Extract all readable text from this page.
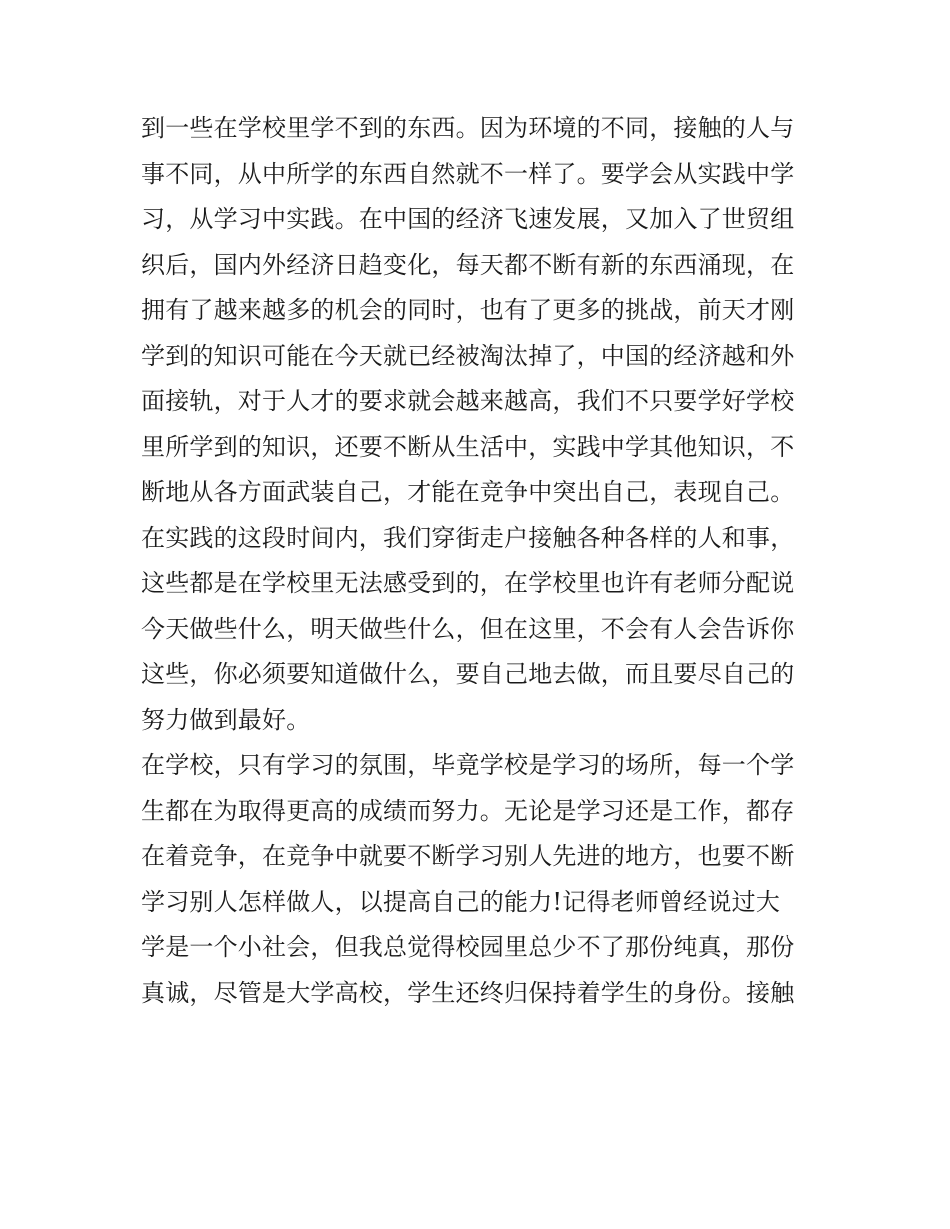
到一些在学校里学不到的东西。因为环境的不同，接触的人与
事不同，从中所学的东西自然就不一样了。要学会从实践中学
习，从学习中实践。在中国的经济飞速发展，又加入了世贸组
织后，国内外经济日趋变化，每天都不断有新的东西涌现，在
拥有了越来越多的机会的同时，也有了更多的挑战，前天才刚
学到的知识可能在今天就已经被淘汰掉了，中国的经济越和外
面接轨，对于人才的要求就会越来越高，我们不只要学好学校
里所学到的知识，还要不断从生活中，实践中学其他知识，不
断地从各方面武装自己，才能在竞争中突出自己，表现自己。
在实践的这段时间内，我们穿街走户接触各种各样的人和事，
这些都是在学校里无法感受到的，在学校里也许有老师分配说
今天做些什么，明天做些什么，但在这里，不会有人会告诉你
这些，你必须要知道做什么，要自己地去做，而且要尽自己的
努力做到最好。
在学校，只有学习的氛围，毕竟学校是学习的场所，每一个学
生都在为取得更高的成绩而努力。无论是学习还是工作，都存
在着竞争，在竞争中就要不断学习别人先进的地方，也要不断
学习别人怎样做人，以提高自己的能力!记得老师曾经说过大
学是一个小社会，但我总觉得校园里总少不了那份纯真，那份
真诚，尽管是大学高校，学生还终归保持着学生的身份。接触
